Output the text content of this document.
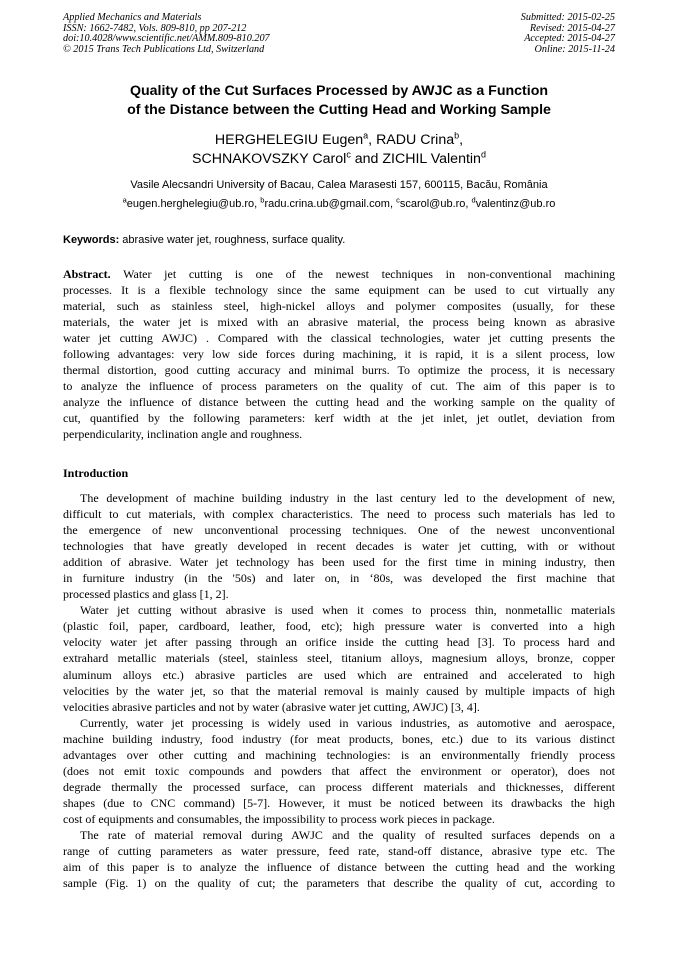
Applied Mechanics and Materials
ISSN: 1662-7482, Vols. 809-810, pp 207-212
doi:10.4028/www.scientific.net/AMM.809-810.207
© 2015 Trans Tech Publications Ltd, Switzerland
Submitted: 2015-02-25
Revised: 2015-04-27
Accepted: 2015-04-27
Online: 2015-11-24
Quality of the Cut Surfaces Processed by AWJC as a Function
of the Distance between the Cutting Head and Working Sample
HERGHELEGIU Eugen$^a$, RADU Crina$^b$,
SCHNAKOVSZKY Carol$^c$ and ZICHIL Valentin$^d$
Vasile Alecsandri University of Bacau, Calea Marasesti 157, 600115, Bacău, România
$^a$eugen.herghelegiu@ub.ro, $^b$radu.crina.ub@gmail.com, $^c$scarol@ub.ro, $^d$valentinz@ub.ro
Keywords: abrasive water jet, roughness, surface quality.
Abstract. Water jet cutting is one of the newest techniques in non-conventional machining
processes. It is a flexible technology since the same equipment can be used to cut virtually any
material, such as stainless steel, high-nickel alloys and polymer composites (usually, for these
materials, the water jet is mixed with an abrasive material, the process being known as abrasive
water jet cutting AWJC) . Compared with the classical technologies, water jet cutting presents the
following advantages: very low side forces during machining, it is rapid, it is a silent process, low
thermal distortion, good cutting accuracy and minimal burrs. To optimize the process, it is necessary
to analyze the influence of process parameters on the quality of cut. The aim of this paper is to
analyze the influence of distance between the cutting head and the working sample on the quality of
cut, quantified by the following parameters: kerf width at the jet inlet, jet outlet, deviation from
perpendicularity, inclination angle and roughness.
Introduction
The development of machine building industry in the last century led to the development of new,
difficult to cut materials, with complex characteristics. The need to process such materials has led to
the emergence of new unconventional processing techniques. One of the newest unconventional
technologies that have greatly developed in recent decades is water jet cutting, with or without
addition of abrasive. Water jet technology has been used for the first time in mining industry, then
in furniture industry (in the '50s) and later on, in ‘80s, was developed the first machine that
processed plastics and glass [1, 2].
Water jet cutting without abrasive is used when it comes to process thin, nonmetallic materials
(plastic foil, paper, cardboard, leather, food, etc); high pressure water is converted into a high
velocity water jet after passing through an orifice inside the cutting head [3]. To process hard and
extrahard metallic materials (steel, stainless steel, titanium alloys, magnesium alloys, bronze, copper
aluminum alloys etc.) abrasive particles are used which are entrained and accelerated to high
velocities by the water jet, so that the material removal is mainly caused by multiple impacts of high
velocities abrasive particles and not by water (abrasive water jet cutting, AWJC) [3, 4].
Currently, water jet processing is widely used in various industries, as automotive and aerospace,
machine building industry, food industry (for meat products, bones, etc.) due to its various distinct
advantages over other cutting and machining technologies: is an environmentally friendly process
(does not emit toxic compounds and powders that affect the environment or operator), does not
degrade thermally the processed surface, can process different materials and thicknesses, different
shapes (due to CNC command) [5-7]. However, it must be noticed between its drawbacks the high
cost of equipments and consumables, the impossibility to process work pieces in package.
The rate of material removal during AWJC and the quality of resulted surfaces depends on a
range of cutting parameters as water pressure, feed rate, stand-off distance, abrasive type etc. The
aim of this paper is to analyze the influence of distance between the cutting head and the working
sample (Fig. 1) on the quality of cut; the parameters that describe the quality of cut, according to
